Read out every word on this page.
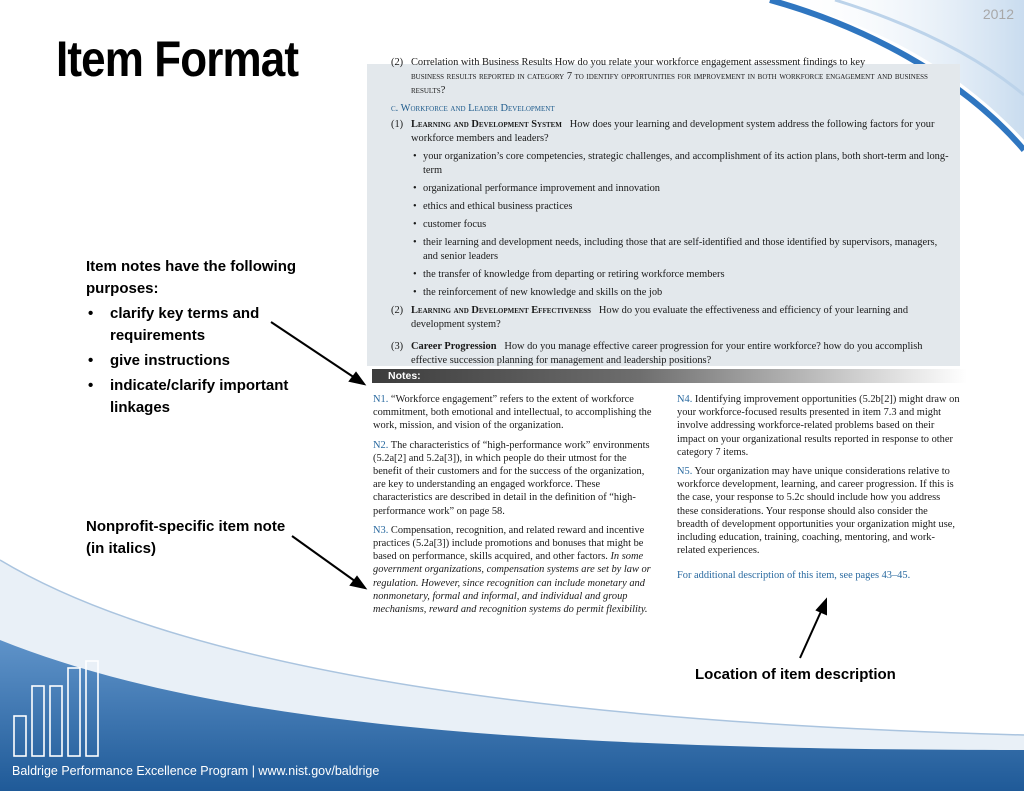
2012
Item Format
Item notes have the following purposes:
• clarify key terms and requirements
• give instructions
• indicate/clarify important linkages
Nonprofit-specific item note (in italics)
Location of item description
(2) Correlation with Business Results How do you relate your workforce engagement assessment findings to key
business results reported in category 7 to identify opportunities for improvement in both workforce engagement and business results?
c. Workforce and Leader Development
(1) Learning and Development System How does your learning and development system address the following factors for your workforce members and leaders?
• your organization’s core competencies, strategic challenges, and accomplishment of its action plans, both short-term and long-term
• organizational performance improvement and innovation
• ethics and ethical business practices
• customer focus
• their learning and development needs, including those that are self-identified and those identified by supervisors, managers, and senior leaders
• the transfer of knowledge from departing or retiring workforce members
• the reinforcement of new knowledge and skills on the job
(2) Learning and Development Effectiveness How do you evaluate the effectiveness and efficiency of your learning and development system?
(3) Career Progression How do you manage effective career progression for your entire workforce? how do you accomplish effective succession planning for management and leadership positions?
Notes:

N1. “Workforce engagement” refers to the extent of workforce commitment, both emotional and intellectual, to accomplishing the work, mission, and vision of the organization.

N2. The characteristics of “high-performance work” environments (5.2a[2] and 5.2a[3]), in which people do their utmost for the benefit of their customers and for the success of the organization, are key to understanding an engaged workforce. These characteristics are described in detail in the definition of “high-performance work” on page 58.

N3. Compensation, recognition, and related reward and incentive practices (5.2a[3]) include promotions and bonuses that might be based on performance, skills acquired, and other factors. In some government organizations, compensation systems are set by law or regulation. However, since recognition can include monetary and nonmonetary, formal and informal, and individual and group mechanisms, reward and recognition systems do permit flexibility.

N4. Identifying improvement opportunities (5.2b[2]) might draw on your workforce-focused results presented in item 7.3 and might involve addressing workforce-related problems based on their impact on your organizational results reported in response to other category 7 items.

N5. Your organization may have unique considerations relative to workforce development, learning, and career progression. If this is the case, your response to 5.2c should include how you address these considerations. Your response should also consider the breadth of development opportunities your organization might use, including education, training, coaching, mentoring, and work-related experiences.

For additional description of this item, see pages 43–45.

Baldrige Performance Excellence Program | www.nist.gov/baldrige
